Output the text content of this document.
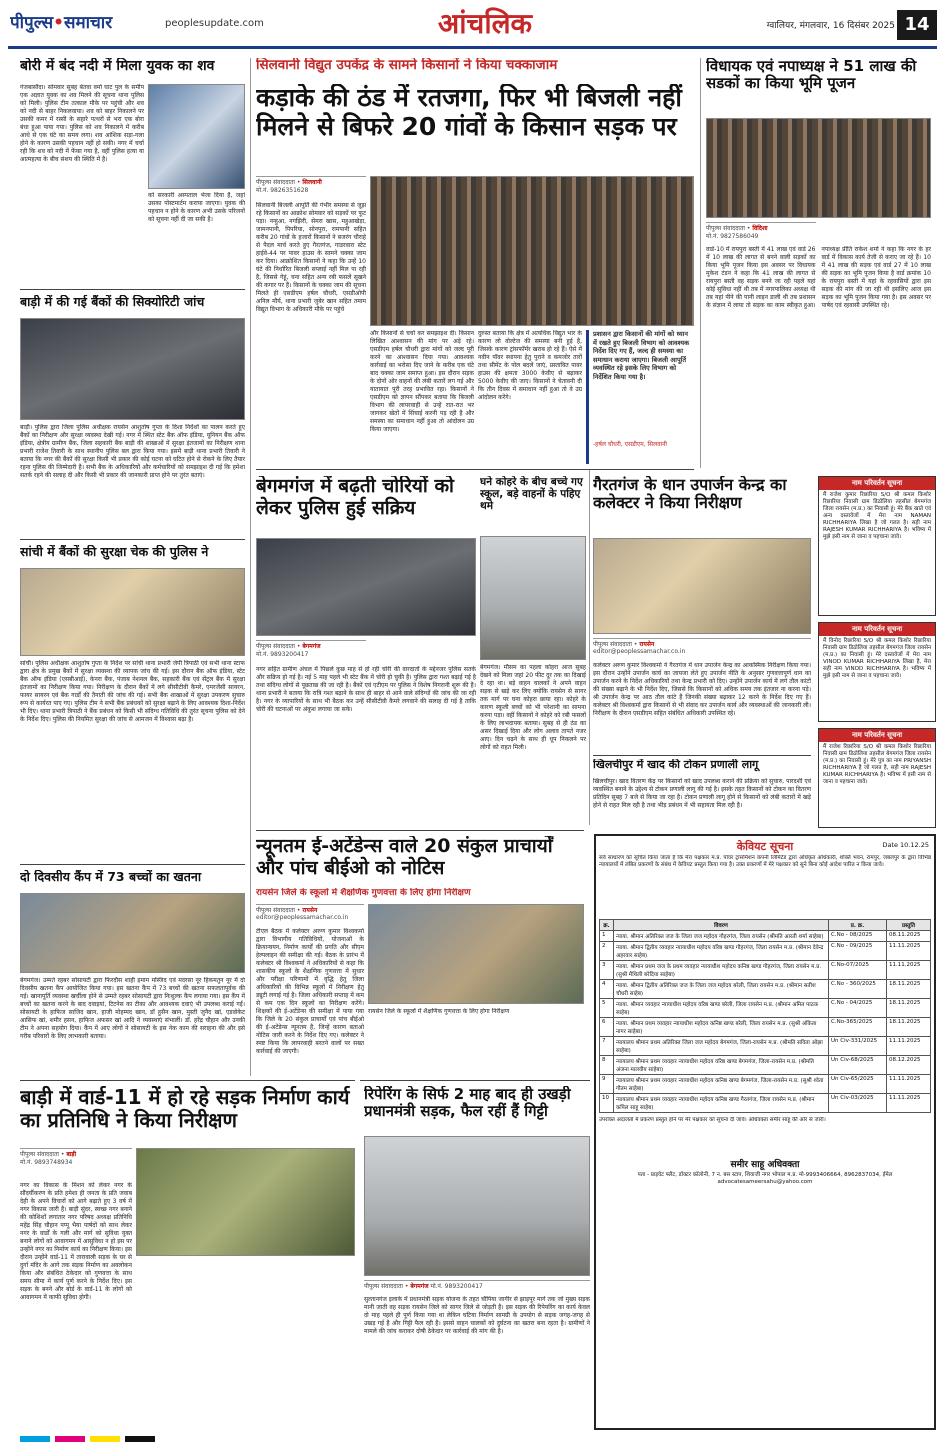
पीपुल्स•समाचार	peoplesupdate.com	आंचलिक	ग्वालियर, मंगलवार, 16 दिसंबर 2025 14
बोरी में बंद नदी में मिला युवक का शव
गंजबासौदा। सोमवार सुबह बेतवा वर्मा घाट पुल के समीप एक अज्ञात युवक का शव मिलने की सूचना थाना पुलिस को मिली। पुलिस टीम तत्काल मौके पर पहुंची और शव को नदी से बाहर निकलवाया। शव को बाहर निकालने पर उसकी कमर में रस्सी के सहारे पत्थरों से भरा एक बोरा बंधा हुआ पाया गया। पुलिस को शव निकालने में करीब आधे से एक घंटे का समय लगा। शव आंशिक सड़ा-गला होने के कारण उसकी पहचान नहीं हो सकी। नगर में चर्चा रही कि शव को नदी में फेंका गया है, वहीं पुलिस हत्या या आत्महत्या के बीच संशय की स्थिति में है।
को सरकारी अस्पताल भेजा दिया है, जहां उसका पोस्टमार्टम कराया जाएगा। युवक की पहचान न होने के कारण अभी उसके परिजनों को सूचना नहीं दी जा सकी है।
बाड़ी में की गई बैंकों की सिक्योरिटी जांच
बाड़ी। पुलिस द्वारा जिला पुलिस अधीक्षक रायसेन आशुतोष गुप्ता के दिशा निर्देशों का पालन करते हुए बैंकों का निरीक्षण और सुरक्षा व्यवस्था देखी गई। नगर में स्थित स्टेट बैंक ऑफ इंडिया, यूनियन बैंक ऑफ इंडिया, क्षेत्रीय ग्रामीण बैंक, जिला सहकारी बैंक बाड़ी की शाखाओं में सुरक्षा इंतजामों का निरीक्षण थाना प्रभारी राजेश तिवारी के साथ स्थानीय पुलिस बल द्वारा किया गया। इसमें बाड़ी थाना प्रभारी तिवारी ने बताया कि नगर की बैंकों की सुरक्षा किसी भी प्रकार की कोई घटना को घटित होने से रोकने के लिए तैयार रहना पुलिस की जिम्मेदारी है। सभी बैंक के अधिकारियों और कर्मचारियों को समझाइश दी गई कि हमेशा सतर्क रहने की सलाह दी और किसी भी प्रकार की जानकारी प्राप्त होने पर तुरंत बताएं।
सांची में बैंकों की सुरक्षा चेक की पुलिस ने
सांची। पुलिस अधीक्षक आशुतोष गुप्ता के निर्देश पर सांची थाना प्रभारी जेपी त्रिपाठी एवं सभी थाना स्टाफ द्वारा क्षेत्र के प्रमुख बैंकों में सुरक्षा व्यवस्था की व्यापक जांच की गई। इस दौरान बैंक ऑफ इंडिया, स्टेट बैंक ऑफ इंडिया (एसबीआई), केनरा बैंक, पंजाब नेशनल बैंक, सहकारी बैंक एवं सेंट्रल बैंक में सुरक्षा इंतजामों का निरीक्षण किया गया। निरीक्षण के दौरान बैंकों में लगे सीसीटीवी कैमरे, एमरजेंसी सायरन, फायर सायरन एवं बैंक गार्डों की तैनाती की जांच की गई। सभी बैंक शाखाओं में सुरक्षा उपकरण सुचारु रूप से कार्यरत पाए गए। पुलिस टीम ने सभी बैंक प्रबंधकों को सुरक्षा बढ़ाने के लिए आवश्यक दिशा-निर्देश भी दिए। थाना प्रभारी त्रिपाठी ने बैंक प्रबंधन को किसी भी संदिग्ध गतिविधि की तुरंत सूचना पुलिस को देने के निर्देश दिए। पुलिस की नियमित सुरक्षा की जांच से आमजन में विश्वास बढ़ा है।
दो दिवसीय कैंप में 73 बच्चों का खतना
बेगमगंज। उम्मते रहबर सोसायटी द्वारा फिरदौस शाही इमाम मस्जिद एवं मदरसा नूर हिकमतुन नूर में दो दिवसीय खतना कैंप आयोजित किया गया। इस खतना कैंप में 73 बच्चों की खतना सफलतापूर्वक की गई। खानापूर्ति व्यवस्था खर्चीला होने से उम्मते रहबर सोसायटी द्वारा निःशुल्क कैंप लगाया गया। इस कैंप में बच्चों का खतना करने के बाद दवाइयां, टिटनेस का टीका और आवश्यक दवाएं भी उपलब्ध कराई गईं। सोसायटी के हाफिज साजिद खान, हाजी मोहम्मद खान, डॉ हुसैन खान, मुस्ती जुनैद खां, एडवोकेट आसिफ खां, शमीर हसन, हाफिज अफसर खां आदि ने व्यवस्थाएं संभालीं। डॉ. हरेंद्र चौहान और उनकी टीम ने अपना सहयोग दिया। कैंप में आए लोगों ने सोसायटी के इस नेक काम की सराहना की और इसे गरीब परिवारों के लिए लाभकारी बताया।
बाड़ी में वार्ड-11 में हो रहे सड़क निर्माण कार्य का प्रतिनिधि ने किया निरीक्षण
पीपुल्स संवाददाता • बाड़ी
मो.नं. 9893748934
नगर का विकास के मिशन को लेकर नगर के सौंदर्यीकरण के प्रति हमेशा ही जनता के प्रति जवाब देही के अपने विचारों को आगे बढ़ाते हुए 3 वर्ष में नगर विकास जारी है। बाड़ी सुंदर, स्वच्छ नगर बनाने की कोशिशों लगातार नगर परिषद अध्यक्ष प्रतिनिधि महेंद्र सिंह चौहान पप्पू भैया पार्षदों को साथ लेकर नगर के वार्डों के गली और मार्ग को सुविधा युक्त बनाने लोगों को आवागमन में आसुविधा न हो इस पर उन्होंने नगर का निर्माण कार्य का निरीक्षण किया। इस दौरान उन्होंने वार्ड-11 में तारावाली सड़क के घर से दुर्गा मंदिर के आगे तक सड़क निर्माण का अवलोकन किया और संबंधित ठेकेदार को गुणवत्ता के साथ समय सीमा में कार्य पूर्ण करने के निर्देश दिए। इस सड़क के बनने और बोर्ड के वार्ड-11 के लोगों को आवागमन में काफी सुविधा होगी।
सिलवानी विद्युत उपकेंद्र के सामने किसानों ने किया चक्काजाम
कड़ाके की ठंड में रतजगा, फिर भी बिजली नहीं मिलने से बिफरे 20 गांवों के किसान सड़क पर
पीपुल्स संवाददाता • सिलवानी
मो.नं. 9826351628
सिलवानी बिजली आपूर्ति की गंभीर समस्या से जूझ रहे किसानों का आक्रोश सोमवार को सड़कों पर फूट पड़ा। नन्हुआ, नगझिरी, सेमरा खास, महुआखेड़ा, जामनपानी, पिपरिया, सोनपुरा, रामपानी सहित करीब 20 गांवों के हजारों किसानों ने बजरंग चौराहे से पैदल मार्च करते हुए गैरतगंज, गाडरवारा स्टेट हाईवे-44 पर पावर हाउस के सामने चक्का जाम कर दिया। आक्रोशित किसानों ने कहा कि उन्हें 10 घंटे की निर्धारित बिजली सप्लाई नहीं मिल पा रही है, जिससे गेहूं, चना सहित अन्य रबी फसलें सूखने की कगार पर हैं। किसानों के चक्का जाम की सूचना मिलते ही एसडीएम हर्षल चौधरी, एसडीओपी अनिल मौर्य, थाना प्रभारी जुबेर खान सहित तमाम विद्युत विभाग के अधिकारी मौके पर पहुंचे
और किसानों से चर्चा कर समझाइश दी। किसान लिखित आश्वासन की मांग पर अड़े रहे। एसडीएम हर्षल चौधरी द्वारा मांगों को जल्द पूरी करने का आश्वासन दिया गया। आवश्यक कार्रवाई का भरोसा दिए जाने के करीब एक घंटे बाद चक्का जाम समाप्त हुआ। इस दौरान सड़क के दोनों ओर वाहनों की लंबी कतारें लग गई और यातायात पूरी तरह प्रभावित रहा। किसानों ने एसडीएम को ज्ञापन सौंपकर बताया कि बिजली विभाग की लापरवाही से उन्हें रात-रात भर जागकर खेतों में सिंचाई करनी पड़ रही है और समस्या का समाधान नहीं हुआ तो आंदोलन उग्र किया जाएगा।
दुरुस्त बताया कि क्षेत्र में अत्यधिक विद्युत भार के कारण लो वोल्टेज की समस्या बनी हुई है, जिसके कारण ट्रांसफॉर्मर खराब हो रहे हैं। ऐसे में नवीन पॉवर स्थापना हेतु पुराने व कमजोर तारों तथा सीमेंट के पोल बदले जाएं, प्रस्तावित पावर हाउस की क्षमता 3000 केवीए से बढ़ाकर 5000 केवीए की जाए। किसानों ने चेतावनी दी कि तीन दिवस में समाधान नहीं हुआ तो वे उग्र आंदोलन करेंगे।
प्रशासन द्वारा किसानों की मांगों को ध्यान में रखते हुए बिजली विभाग को आवश्यक निर्देश दिए गए हैं, जल्द ही समस्या का समाधान कराया जाएगा। बिजली आपूर्ति व्यवस्थित रहे इसके लिए विभाग को निर्देशित किया गया है।
-हर्षल चौधरी, एसडीएम, सिलवानी
बेगमगंज में बढ़ती चोरियों को लेकर पुलिस हुई सक्रिय
पीपुल्स संवाददाता • बेगमगंज
मो.नं. 9893200417
नगर सहित ग्रामीण अंचल में पिछले कुछ माह से हो रही चोरी की वारदातों के मद्देनजर पुलिस सतर्क और सक्रिय हो गई है। नई 5 माह पहले भी स्टेट बैंक में चोरी हो चुकी है। पुलिस द्वारा गश्त बढ़ाई गई है तथा संदिग्ध लोगों से पूछताछ की जा रही है। बैंकों एवं एटीएम पर पुलिस ने विशेष निगरानी शुरू की है। थाना प्रभारी ने बताया कि रात्रि गश्त बढ़ाने के साथ ही बाहर से आने वाले संदिग्धों की जांच की जा रही है। नगर के व्यापारियों के साथ भी बैठक कर उन्हें सीसीटीवी कैमरे लगवाने की सलाह दी गई है ताकि चोरी की घटनाओं पर अंकुश लगाया जा सके।
घने कोहरे के बीच बच्चे गए स्कूल, बड़े वाहनों के पहिए थमे
बेगमगंज। मौसम का पहला कोहरा आज सुबह देखने को मिला जहां 20 फीट दूर तक का दिखाई दे रहा था। बड़े वाहन चालकों ने अपने वाहन सड़क से खड़े कर लिए क्योंकि रायसेन से सागर तक मार्ग पर घना कोहरा छाया रहा। कोहरे के कारण स्कूली बच्चों को भी परेशानी का सामना करना पड़ा। वहीं किसानों ने कोहरे को रबी फसलों के लिए लाभदायक बताया। सुबह से ही ठंड का असर दिखाई दिया और लोग अलाव तापते नजर आए। दिन चढ़ने के साथ ही धूप निकलने पर लोगों को राहत मिली।
गैरतगंज के धान उपार्जन केन्द्र का कलेक्टर ने किया निरीक्षण
पीपुल्स संवाददाता • रायसेन
editor@peoplessamachar.co.in
कलेक्टर अरुण कुमार विश्वकर्मा ने गैरतगंज में धान उपार्जन केन्द्र का आकस्मिक निरीक्षण किया गया। इस दौरान उन्होंने उपार्जन कार्य का जायजा लेते हुए उपार्जन नीति के अनुसार गुणवत्तापूर्ण धान का उपार्जन करने के निर्देश अधिकारियों तथा केन्द्र प्रभारी को दिए। उन्होंने उपार्जन कार्य में लगे तौल कांटों की संख्या बढ़ाने के भी निर्देश दिए, जिससे कि किसानों को अधिक समय तक इंतजार ना करना पड़े। श्री उपार्जन केन्द्र पर आठ तौल कांटे हैं जिनकी संख्या बढ़ाकर 12 करने के निर्देश दिए गए हैं। कलेक्टर श्री विश्वकर्मा द्वारा किसानों से भी संवाद कर उपार्जन कार्य और व्यवस्थाओं की जानकारी ली। निरीक्षण के दौरान एसडीएम सहित संबंधित अधिकारी उपस्थित रहे।
खिलचीपुर में खाद की टोकन प्रणाली लागू
खिलचीपुर। खाद वितरण केंद्र पर किसानों को खाद उपलब्ध कराने की प्रक्रिया को सुचारु, पारदर्शी एवं व्यवस्थित बनाने के उद्देश्य से टोकन प्रणाली लागू की गई है। इसके तहत किसानों को टोकन का वितरण प्रतिदिन सुबह 7 बजे से किया जा रहा है। टोकन प्रणाली लागू होने से किसानों को लंबी कतारों में खड़े होने से राहत मिल रही है तथा भीड़ प्रबंधन में भी सहायता मिल रही है।
न्यूनतम ई-अटेंडेन्स वाले 20 संकुल प्राचार्यों और पांच बीईओ को नोटिस
रायसेन जिले के स्कूलों में शैक्षणिक गुणवत्ता के लिए होगा निरीक्षण
पीपुल्स संवाददाता • रायसेन
editor@peoplessamachar.co.in
टीएल बैठक में कलेक्टर अरुण कुमार विश्वकर्मा द्वारा विभागीय गतिविधियों, योजनाओं के क्रियान्वयन, निर्माण कार्यों की प्रगति और सीएम हेल्पलाइन की समीक्षा की गई। बैठक के प्रारंभ में कलेक्टर श्री विश्वकर्मा ने अधिकारियों से कहा कि शासकीय स्कूलों के शैक्षणिक गुणवत्ता में सुधार और परीक्षा परिणामों में वृद्धि हेतु जिला अधिकारियों की विभिन्न स्कूलों में निरीक्षण हेतु ड्यूटी लगाई गई है। जिला अधिकारी सप्ताह में कम से कम एक दिन स्कूलों का निरीक्षण करेंगे। शिक्षकों की ई-अटेंडेन्स की समीक्षा में पाया गया कि जिले के 20 संकुल प्राचार्यों एवं पांच बीईओ की ई-अटेंडेन्स न्यूनतम है, जिन्हें कारण बताओ नोटिस जारी करने के निर्देश दिए गए। कलेक्टर ने स्पष्ट किया कि लापरवाही बरतने वालों पर सख्त कार्रवाई की जाएगी।
रायसेन जिले के स्कूलों में शैक्षणिक गुणवत्ता के लिए होगा निरीक्षण
रिपेरिंग के सिर्फ 2 माह बाद ही उखड़ी प्रधानमंत्री सड़क, फैल रहीं हैं गिट्टी
पीपुल्स संवाददाता • बेगमगंज मो.नं. 9893200417
सुल्तानगंज इलाके में प्रधानमंत्री सड़क योजना के तहत चौपिया जागीर से झाड़पुर मार्ग तक जो मुख्य सड़क मानी जाती वह सड़क रायसेन जिले को सागर जिले से जोड़ती है। इस सड़क की रिपेयरिंग का कार्य केवल दो माह पहले ही पूर्ण किया गया था लेकिन घटिया निर्माण सामग्री के उपयोग से सड़क जगह-जगह से उखड़ गई है और गिट्टी फैल रही है। इससे वाहन चालकों को दुर्घटना का खतरा बना रहता है। ग्रामीणों ने मामले की जांच कराकर दोषी ठेकेदार पर कार्रवाई की मांग की है।
विधायक एवं नपाध्यक्ष ने 51 लाख की सडकों का किया भूमि पूजन
पीपुल्स संवाददाता • विदिशा
मो.नं. 9827586049
वार्ड-10 में रायपुरा बस्ती में 41 लाख एवं वार्ड 26 में 10 लाख की लागत से बनने वाली सड़कों का किया भूमि पूजन किया इस अवसर पर विधायक मुकेश टंडन ने कहा कि 41 लाख की लागत से रायपुरा बस्ती वह सड़क बनने जा रही पहले यहां कोई सुविधा नहीं थी तब में नगरपालिका अध्यक्ष थी तब यहां पीने की पानी लाइन डाली थी तब प्रशासन के संज्ञान में लाया तो सड़क का काम स्वीकृत हुआ। नपाध्यक्ष प्रीति राकेश शर्मा ने कहा कि नगर के हर वार्ड में विकास कार्य तेजी से कराए जा रहे हैं। 10 में 41 लाख की सड़क एवं वार्ड 27 में 10 लाख की सड़क का भूमि पूजन किया है वार्ड क्रमांक 10 के रायपुरा बस्ती में यहां के रहवासियों द्वारा इस सड़क की मांग की जा रही थी इसलिए आज इस सड़क का भूमि पूजन किया गया है। इस अवसर पर पार्षद एवं रहवासी उपस्थित रहे।
नाम परिवर्तन सूचना
मैं राजेश कुमार रिछारिया S/O श्री कमल किशोर रिछारिया निवासी ग्राम डिठोलिया तहसील बेगमगंज जिला रायसेन (म.प्र.) का निवासी हूं। मेरे बैंक खाते एवं अन्य दस्तावेजों में मेरा नाम NAMAN RICHHARIYA लिखा है जो गलत है। सही नाम RAJESH KUMAR RICHHARIYA है। भविष्य में मुझे इसी नाम से जाना व पहचाना जावे।
नाम परिवर्तन सूचना
मैं विनोद रिछारिया S/O श्री कमल किशोर रिछारिया निवासी ग्राम डिठोलिया तहसील बेगमगंज जिला रायसेन (म.प्र.) का निवासी हूं। मेरे दस्तावेजों में मेरा नाम VINOD KUMAR RICHHARIYA लिखा है, मेरा सही नाम VINOD RICHHARIYA है। भविष्य में मुझे इसी नाम से जाना व पहचाना जावे।
नाम परिवर्तन सूचना
मैं राजेश रिछारिया S/O श्री कमल किशोर रिछारिया निवासी ग्राम डिठोलिया तहसील बेगमगंज जिला रायसेन (म.प्र.) का निवासी हूं। मेरे पुत्र का नाम PRIYANSH RICHHARIYA है जो गलत है, सही नाम RAJESH KUMAR RICHHARIYA है। भविष्य में इसी नाम से जाना व पहचाना जावे।
केवियट सूचना	Date 10.12.25
सर्व साधारण को सूचित किया जाता है कि मेरा पक्षकार म.प्र. पॉवर ट्रांसमिशन कंपनी लिमिटेड द्वारा अधिकृत अधिकारी, शक्ति भवन, रामपुर, जबलपुर के द्वारा विभिन्न न्यायालयों में लंबित प्रकरणों के संबंध में केवियट प्रस्तुत किया गया है। उक्त प्रकरणों में मेरे पक्षकार को सुने बिना कोई आदेश पारित न किया जावे।
क्र.	विवरण	प्र. क्र.	प्रस्तुति
1	न्याया. श्रीमान अतिरिक्त जज के जिला जज महोदय गौहरगंज, जिला रायसेन (श्रीमति आरती शर्मा साहेबा)	C.No - 08/2025	08.11.2025
2	न्याया. श्रीमान द्वितीय व्यवहार न्यायाधीश महोदय वरिष्ठ खण्ड गौहरगंज, जिला रायसेन म.प्र. (श्रीमान देवेन्द्र अहरवार साहेब)	C.No - 09/2025	11.11.2025
3	न्याया. श्रीमान प्रथम जज के प्रथम व्यवहार न्यायाधीश महोदय कनिष्ठ खण्ड गौहरगंज, जिला रायसेन म.प्र. (सुश्री मैथिली बरेदिया साहेबा)	C.No-07/2025	11.11.2025
4	न्याया. श्रीमान द्वितीय अतिरिक्त जज के जिला जज महोदय बरेली, जिला रायसेन म.प्र. (श्रीमान सतीश चौधरी साहेब)	C.No - 360/2025	18.11.2025
5	न्याया. श्रीमान व्यवहार न्यायाधीश महोदय वरिष्ठ खण्ड बरेली, जिला रायसेन म.प्र. (श्रीमान अमित पाठक साहेब)	C.No - 04/2025	18.11.2025
6	न्याया. श्रीमान प्रथम व्यवहार न्यायाधीश महोदय कनिष्ठ खण्ड बरेली, जिला रायसेन म.प्र. (सुश्री अंकिता नागर साहेबा)	C.No-365/2025	18.11.2025
7	न्यायालय श्रीमान प्रथम अतिरिक्त जिला जज महोदय बेगमगंज, जिला-रायसेन म.प्र. (श्रीमति सविता ओझा साहेबा)	Un Civ-331/2025	11.11.2025
8	न्यायालय श्रीमान प्रथम व्यवहार न्यायाधीश महोदय वरिष्ठ खण्ड बेगमगंज, जिला-रायसेन म.प्र. (श्रीमति अंजना मालवीय साहेबा)	Un Civ-68/2025	08.12.2025
9	न्यायालय श्रीमान प्रथम व्यवहार न्यायाधीश महोदय कनिष्ठ खण्ड बेगमगंज, जिला-रायसेन म.प्र. (सुश्री श्वेता गौतम साहेबा)	Un Civ-65/2025	11.11.2025
10	न्यायालय श्रीमान प्रथम व्यवहार न्यायाधीश महोदय कनिष्ठ खण्ड गैरतगंज, जिला रायसेन म.प्र. (श्रीमान कपिल साहू साहेब)	Un Civ-03/2025	11.11.2025
उपरोक्त अदालतों में प्रकरण प्रस्तुत होने पर मेरे पक्षकार को सूचना दी जावे। अधिवक्ता समीर साहू की ओर से जारी।
समीर साहू अधिवक्ता
पता - प्राइवेट फ्लैट, डॉक्टर कॉलोनी, 7 न. बस स्टाप, शिवाजी नगर भोपाल म.प्र. मो-9993406664, 8962837034, ईमेल advocatesameersahu@yahoo.com
